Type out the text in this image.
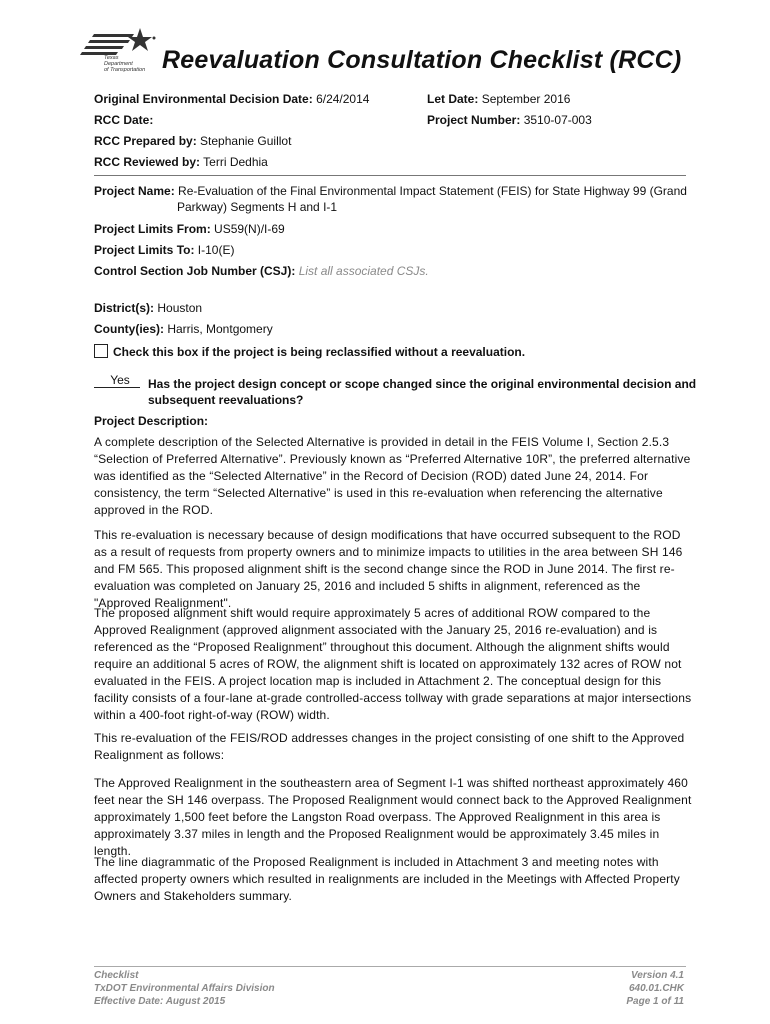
Texas
Department
of Transportation Reevaluation Consultation Checklist (RCC)
Original Environmental Decision Date: 6/24/2014	Let Date: September 2016
RCC Date:	Project Number: 3510-07-003
RCC Prepared by: Stephanie Guillot
RCC Reviewed by: Terri Dedhia
Project Name: Re-Evaluation of the Final Environmental Impact Statement (FEIS) for State Highway 99 (Grand
Parkway) Segments H and I-1
Project Limits From: US59(N)/I-69
Project Limits To: I-10(E)
Control Section Job Number (CSJ): List all associated CSJs.
District(s): Houston
County(ies): Harris, Montgomery
Check this box if the project is being reclassified without a reevaluation.
Yes	Has the project design concept or scope changed since the original environmental decision and
subsequent reevaluations?
Project Description:

A complete description of the Selected Alternative is provided in detail in the FEIS Volume I, Section 2.5.3 “Selection of Preferred Alternative”. Previously known as “Preferred Alternative 10R”, the preferred alternative was identified as the “Selected Alternative” in the Record of Decision (ROD) dated June 24, 2014. For consistency, the term “Selected Alternative” is used in this re-evaluation when referencing the alternative approved in the ROD.

This re-evaluation is necessary because of design modifications that have occurred subsequent to the ROD as a result of requests from property owners and to minimize impacts to utilities in the area between SH 146 and FM 565. This proposed alignment shift is the second change since the ROD in June 2014. The first re-evaluation was completed on January 25, 2016 and included 5 shifts in alignment, referenced as the "Approved Realignment".

The proposed alignment shift would require approximately 5 acres of additional ROW compared to the Approved Realignment (approved alignment associated with the January 25, 2016 re-evaluation) and is referenced as the “Proposed Realignment” throughout this document. Although the alignment shifts would require an additional 5 acres of ROW, the alignment shift is located on approximately 132 acres of ROW not evaluated in the FEIS. A project location map is included in Attachment 2. The conceptual design for this facility consists of a four-lane at-grade controlled-access tollway with grade separations at major intersections within a 400-foot right-of-way (ROW) width.

This re-evaluation of the FEIS/ROD addresses changes in the project consisting of one shift to the Approved Realignment as follows:

The Approved Realignment in the southeastern area of Segment I-1 was shifted northeast approximately 460 feet near the SH 146 overpass. The Proposed Realignment would connect back to the Approved Realignment approximately 1,500 feet before the Langston Road overpass. The Approved Realignment in this area is approximately 3.37 miles in length and the Proposed Realignment would be approximately 3.45 miles in length.

The line diagrammatic of the Proposed Realignment is included in Attachment 3 and meeting notes with affected property owners which resulted in realignments are included in the Meetings with Affected Property Owners and Stakeholders summary.

Checklist
TxDOT Environmental Affairs Division
Effective Date: August 2015
Version 4.1
640.01.CHK
Page 1 of 11
